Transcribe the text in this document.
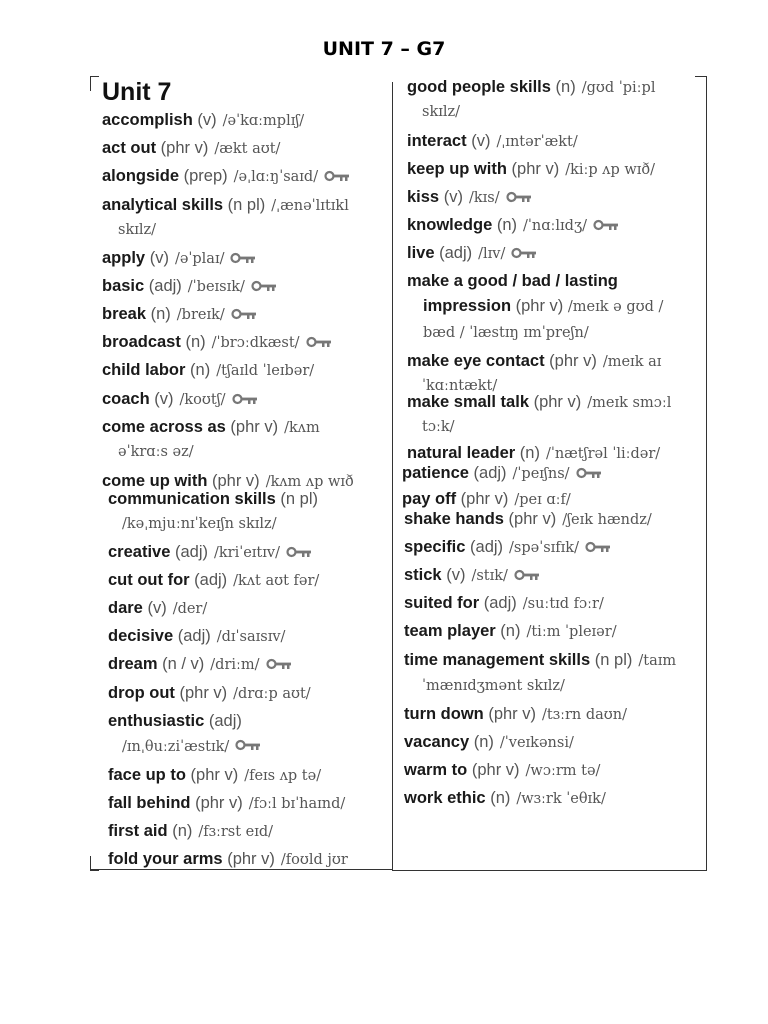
UNIT 7 – G7
Unit 7
accomplish (v) /əˈkɑːmplɪʃ/
act out (phr v) /ækt aʊt/
alongside (prep) /əˌlɑːŋˈsaɪd/
analytical skills (n pl) /ˌænəˈlɪtɪkl
skɪlz/
apply (v) /əˈplaɪ/
basic (adj) /ˈbeɪsɪk/
break (n) /breɪk/
broadcast (n) /ˈbrɔːdkæst/
child labor (n) /tʃaɪld ˈleɪbər/
coach (v) /koʊtʃ/
come across as (phr v) /kʌm
əˈkrɑːs əz/
come up with (phr v) /kʌm ʌp wɪð
communication skills (n pl)
/kəˌmjuːnɪˈkeɪʃn skɪlz/
creative (adj) /kriˈeɪtɪv/
cut out for (adj) /kʌt aʊt fər/
dare (v) /der/
decisive (adj) /dɪˈsaɪsɪv/
dream (n / v) /driːm/
drop out (phr v) /drɑːp aʊt/
enthusiastic (adj)
/ɪnˌθuːziˈæstɪk/
face up to (phr v) /feɪs ʌp tə/
fall behind (phr v) /fɔːl bɪˈhaɪnd/
first aid (n) /fɜːrst eɪd/
fold your arms (phr v) /foʊld jʊr
good people skills (n) /gʊd ˈpiːpl
skɪlz/
interact (v) /ˌɪntərˈækt/
keep up with (phr v) /kiːp ʌp wɪð/
kiss (v) /kɪs/
knowledge (n) /ˈnɑːlɪdʒ/
live (adj) /lɪv/
make a good / bad / lasting
impression (phr v) /meɪk ə gʊd /
bæd / ˈlæstɪŋ ɪmˈpreʃn/
make eye contact (phr v) /meɪk aɪ
ˈkɑːntækt/
make small talk (phr v) /meɪk smɔːl
tɔːk/
natural leader (n) /ˈnætʃrəl ˈliːdər/
patience (adj) /ˈpeɪʃns/
pay off (phr v) /peɪ ɑːf/
shake hands (phr v) /ʃeɪk hændz/
specific (adj) /spəˈsɪfɪk/
stick (v) /stɪk/
suited for (adj) /suːtɪd fɔːr/
team player (n) /tiːm ˈpleɪər/
time management skills (n pl) /taɪm
ˈmænɪdʒmənt skɪlz/
turn down (phr v) /tɜːrn daʊn/
vacancy (n) /ˈveɪkənsi/
warm to (phr v) /wɔːrm tə/
work ethic (n) /wɜːrk ˈeθɪk/
